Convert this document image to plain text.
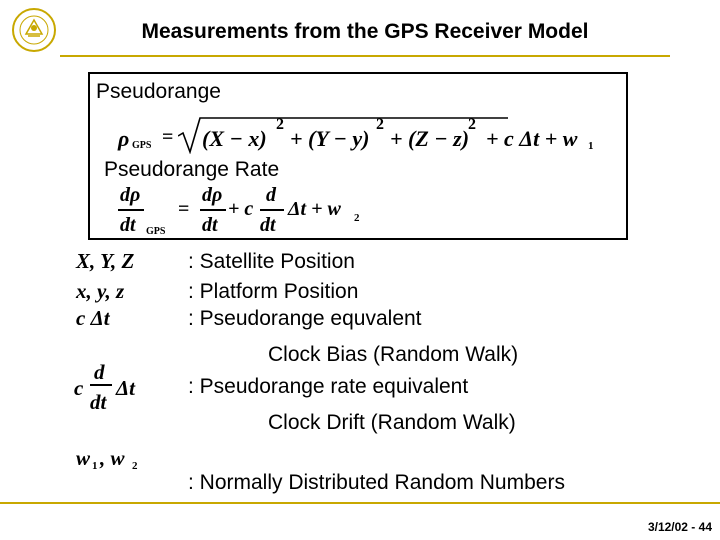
Measurements from the GPS Receiver Model
Pseudorange
ρ GPS = (X − x)
2
+ (Y − y)
2
+ (Z − z)
2
+ c Δt + w 1
Pseudorange Rate
dρ
dt GPS
=
dρ
dt
+ c
d
dt
Δt + w 2
X, Y, Z
x, y, z
c Δt
c
d
dt
Δt
w 1 , w 2
: Satellite Position
: Platform Position
: Pseudorange equvalent
Clock Bias (Random Walk)
: Pseudorange rate equivalent
Clock Drift (Random Walk)
: Normally Distributed Random Numbers
3/12/02 - 44
